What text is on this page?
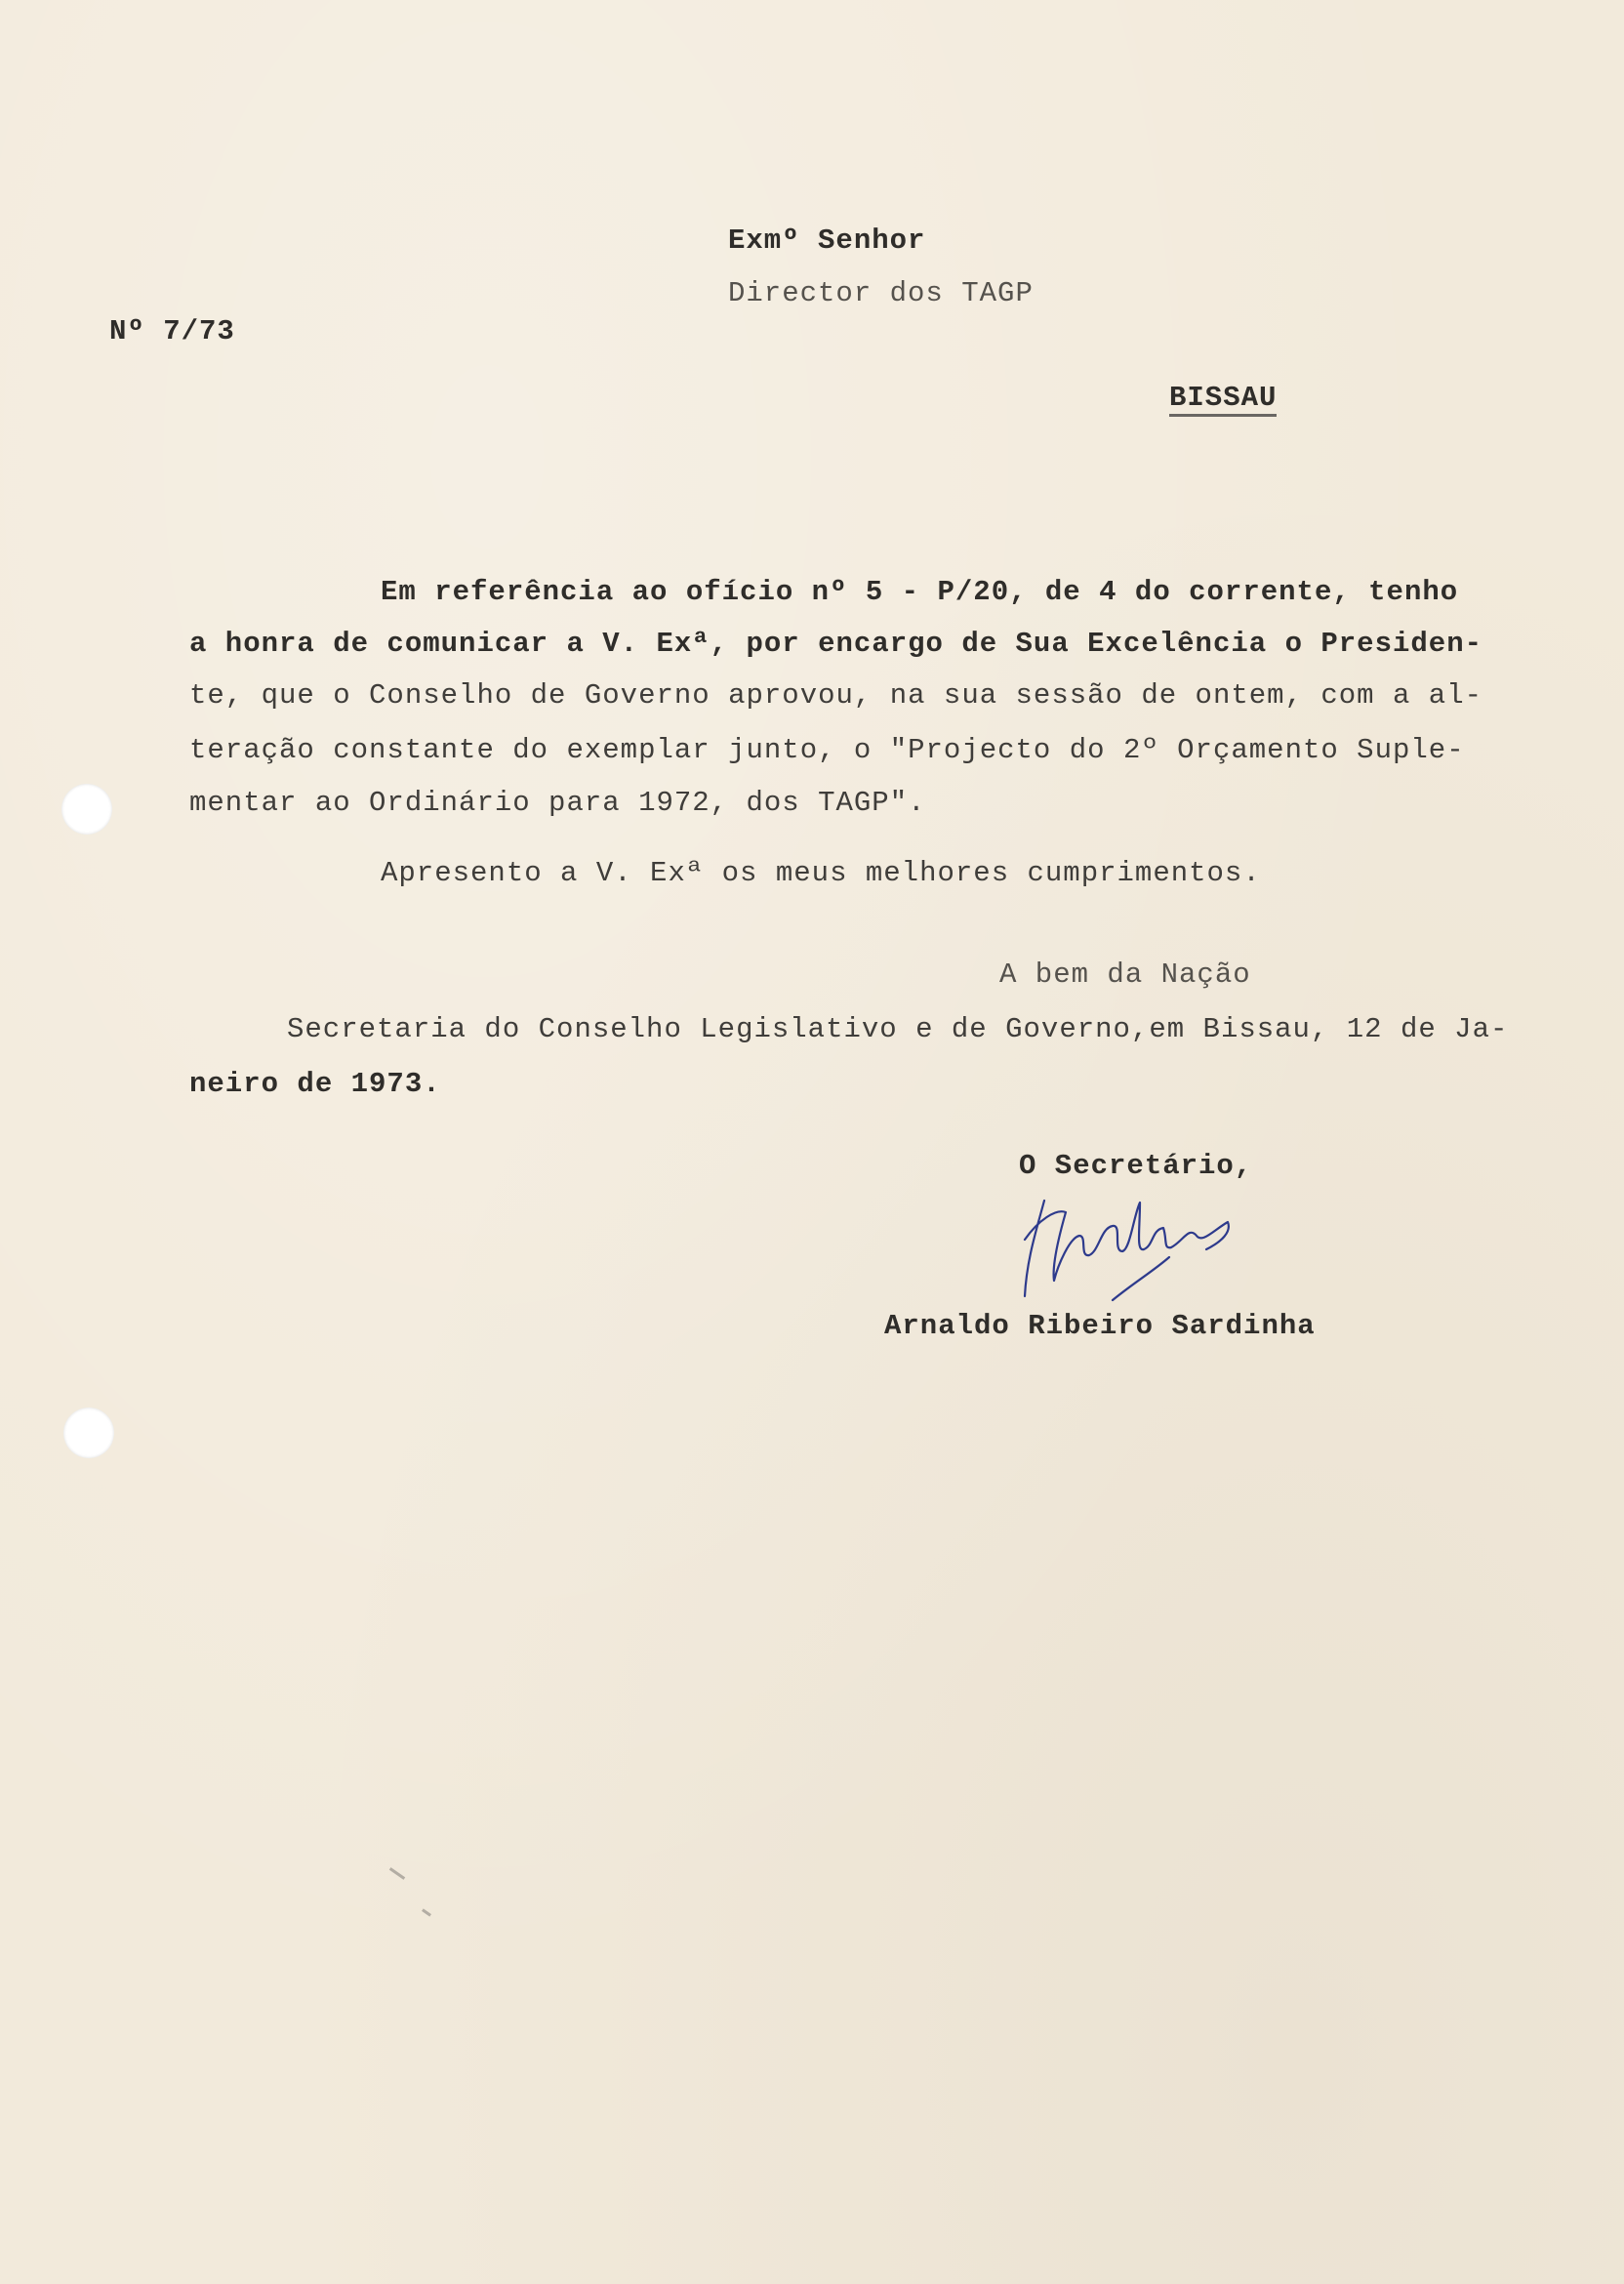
Exmº Senhor
Director dos TAGP
Nº 7/73
BISSAU
Em referência ao ofício nº 5 - P/20, de 4 do corrente, tenho
a honra de comunicar a V. Exª, por encargo de Sua Excelência o Presiden-
te, que o Conselho de Governo aprovou, na sua sessão de ontem, com a al-
teração constante do exemplar junto, o "Projecto do 2º Orçamento Suple-
mentar ao Ordinário para 1972, dos TAGP".
Apresento a V. Exª os meus melhores cumprimentos.
A bem da Nação
Secretaria do Conselho Legislativo e de Governo,em Bissau, 12 de Ja-
neiro de 1973.
O Secretário,
Arnaldo Ribeiro Sardinha
